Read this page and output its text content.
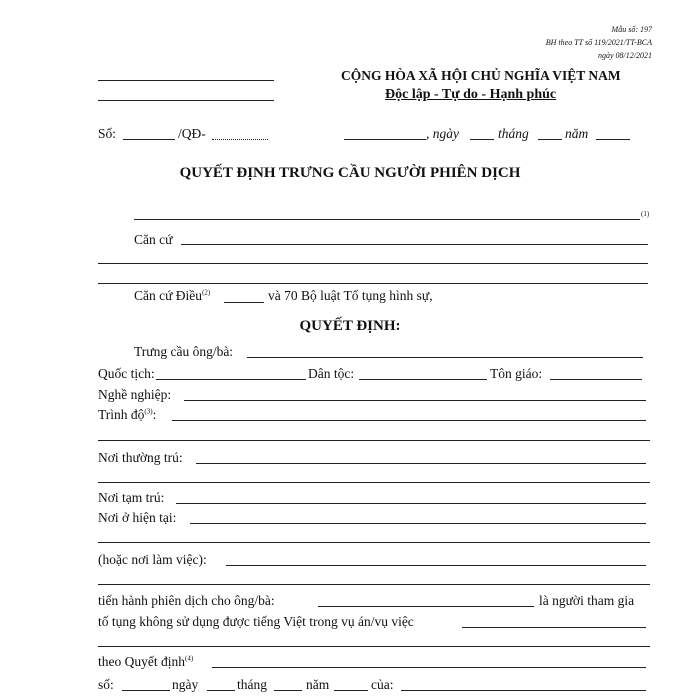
Mẫu số: 197
BH theo TT số 119/2021/TT-BCA
ngày 08/12/2021
CỘNG HÒA XÃ HỘI CHỦ NGHĨA VIỆT NAM
Độc lập - Tự do - Hạnh phúc
Số:	/QĐ-	, ngày	tháng	năm
QUYẾT ĐỊNH TRƯNG CẦU NGƯỜI PHIÊN DỊCH
(1)
Căn cứ
Căn cứ Điều$^{(2)}$	và 70 Bộ luật Tố tụng hình sự,
QUYẾT ĐỊNH:
Trưng cầu ông/bà:
Quốc tịch:	Dân tộc:	Tôn giáo:
Nghề nghiệp:
Trình độ$^{(3)}$:
Nơi thường trú:
Nơi tạm trú:
Nơi ở hiện tại:
(hoặc nơi làm việc):
tiến hành phiên dịch cho ông/bà:	là người tham gia
tố tụng không sử dụng được tiếng Việt trong vụ án/vụ việc
theo Quyết định$^{(4)}$
số:	ngày	tháng	năm	của:
